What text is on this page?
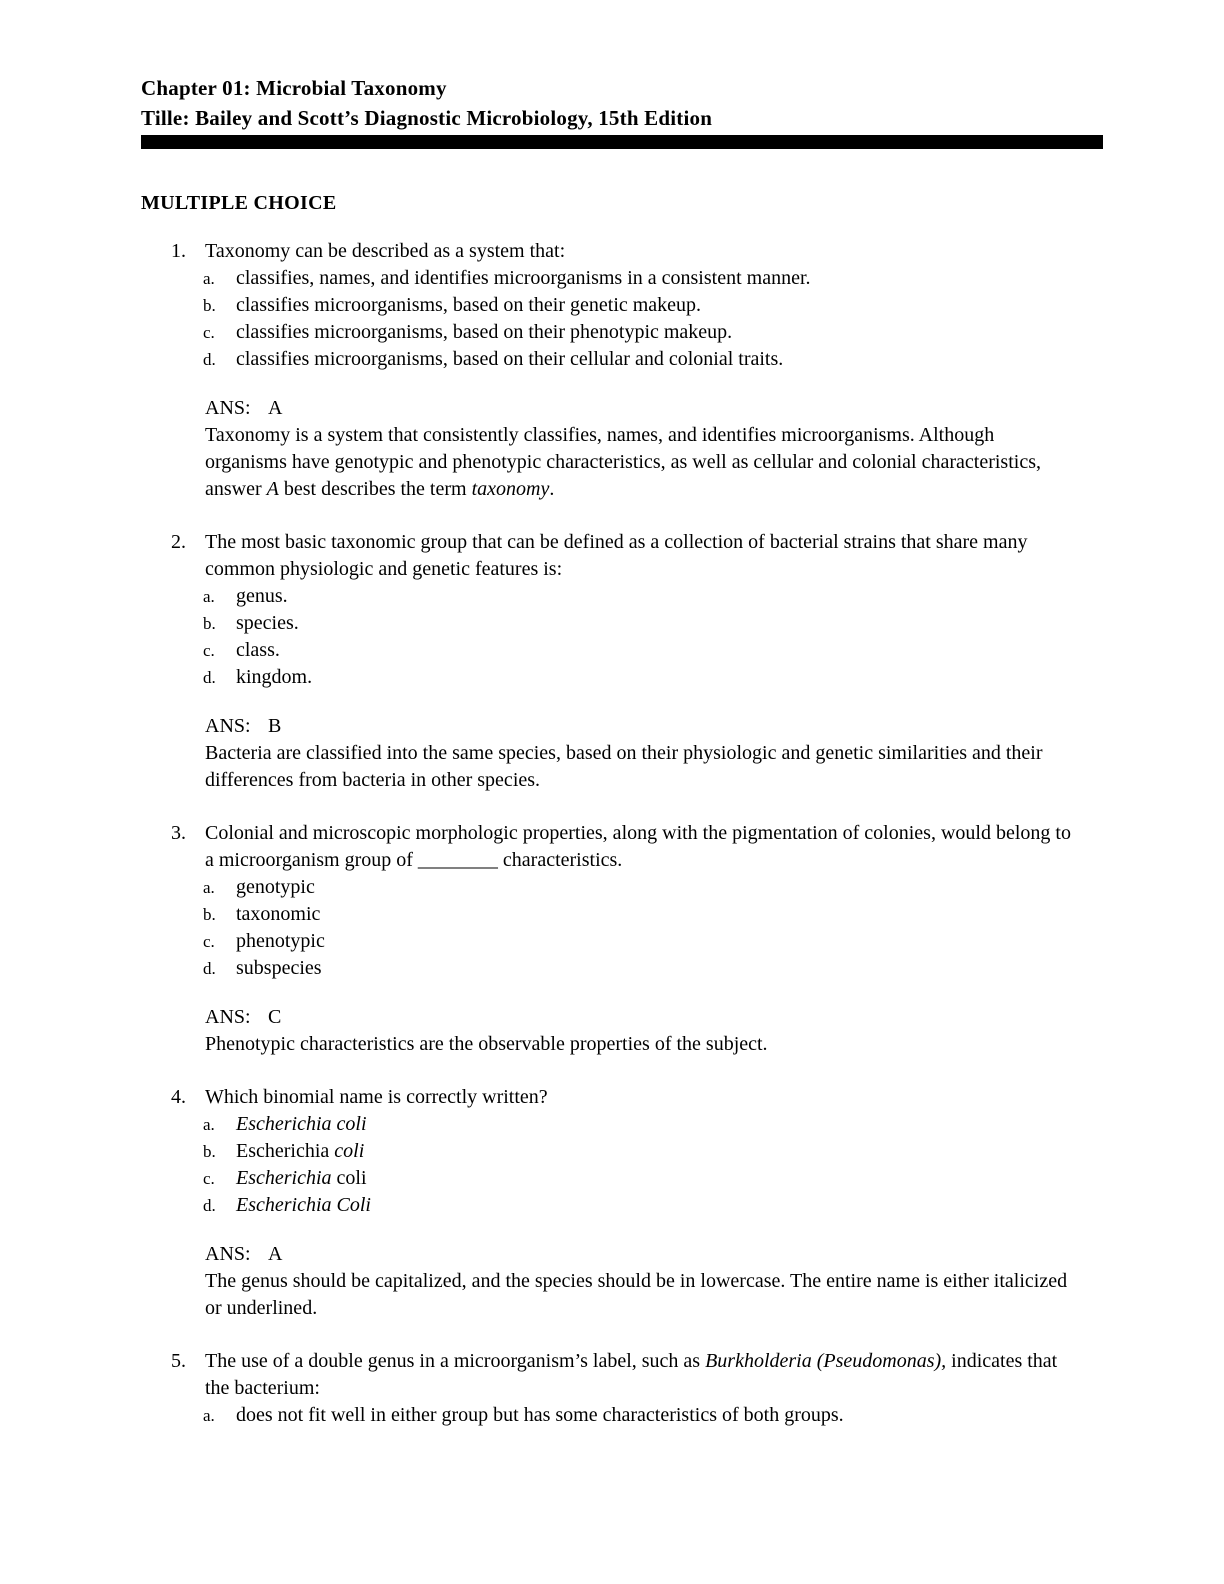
Chapter 01: Microbial Taxonomy
Tille: Bailey and Scott’s Diagnostic Microbiology, 15th Edition
MULTIPLE CHOICE
1. Taxonomy can be described as a system that:
a.	classifies, names, and identifies microorganisms in a consistent manner.
b.	classifies microorganisms, based on their genetic makeup.
c.	classifies microorganisms, based on their phenotypic makeup.
d.	classifies microorganisms, based on their cellular and colonial traits.
ANS: A
Taxonomy is a system that consistently classifies, names, and identifies microorganisms. Although organisms have genotypic and phenotypic characteristics, as well as cellular and colonial characteristics, answer A best describes the term taxonomy.
2. The most basic taxonomic group that can be defined as a collection of bacterial strains that share many common physiologic and genetic features is:
a.	genus.
b.	species.
c.	class.
d.	kingdom.
ANS: B
Bacteria are classified into the same species, based on their physiologic and genetic similarities and their differences from bacteria in other species.
3. Colonial and microscopic morphologic properties, along with the pigmentation of colonies, would belong to a microorganism group of ________ characteristics.
a.	genotypic
b.	taxonomic
c.	phenotypic
d.	subspecies
ANS: C
Phenotypic characteristics are the observable properties of the subject.
4. Which binomial name is correctly written?
a.	Escherichia coli
b.	Escherichia coli
c.	Escherichia coli
d.	Escherichia Coli
ANS: A
The genus should be capitalized, and the species should be in lowercase. The entire name is either italicized or underlined.
5. The use of a double genus in a microorganism’s label, such as Burkholderia (Pseudomonas), indicates that the bacterium:
a.	does not fit well in either group but has some characteristics of both groups.
